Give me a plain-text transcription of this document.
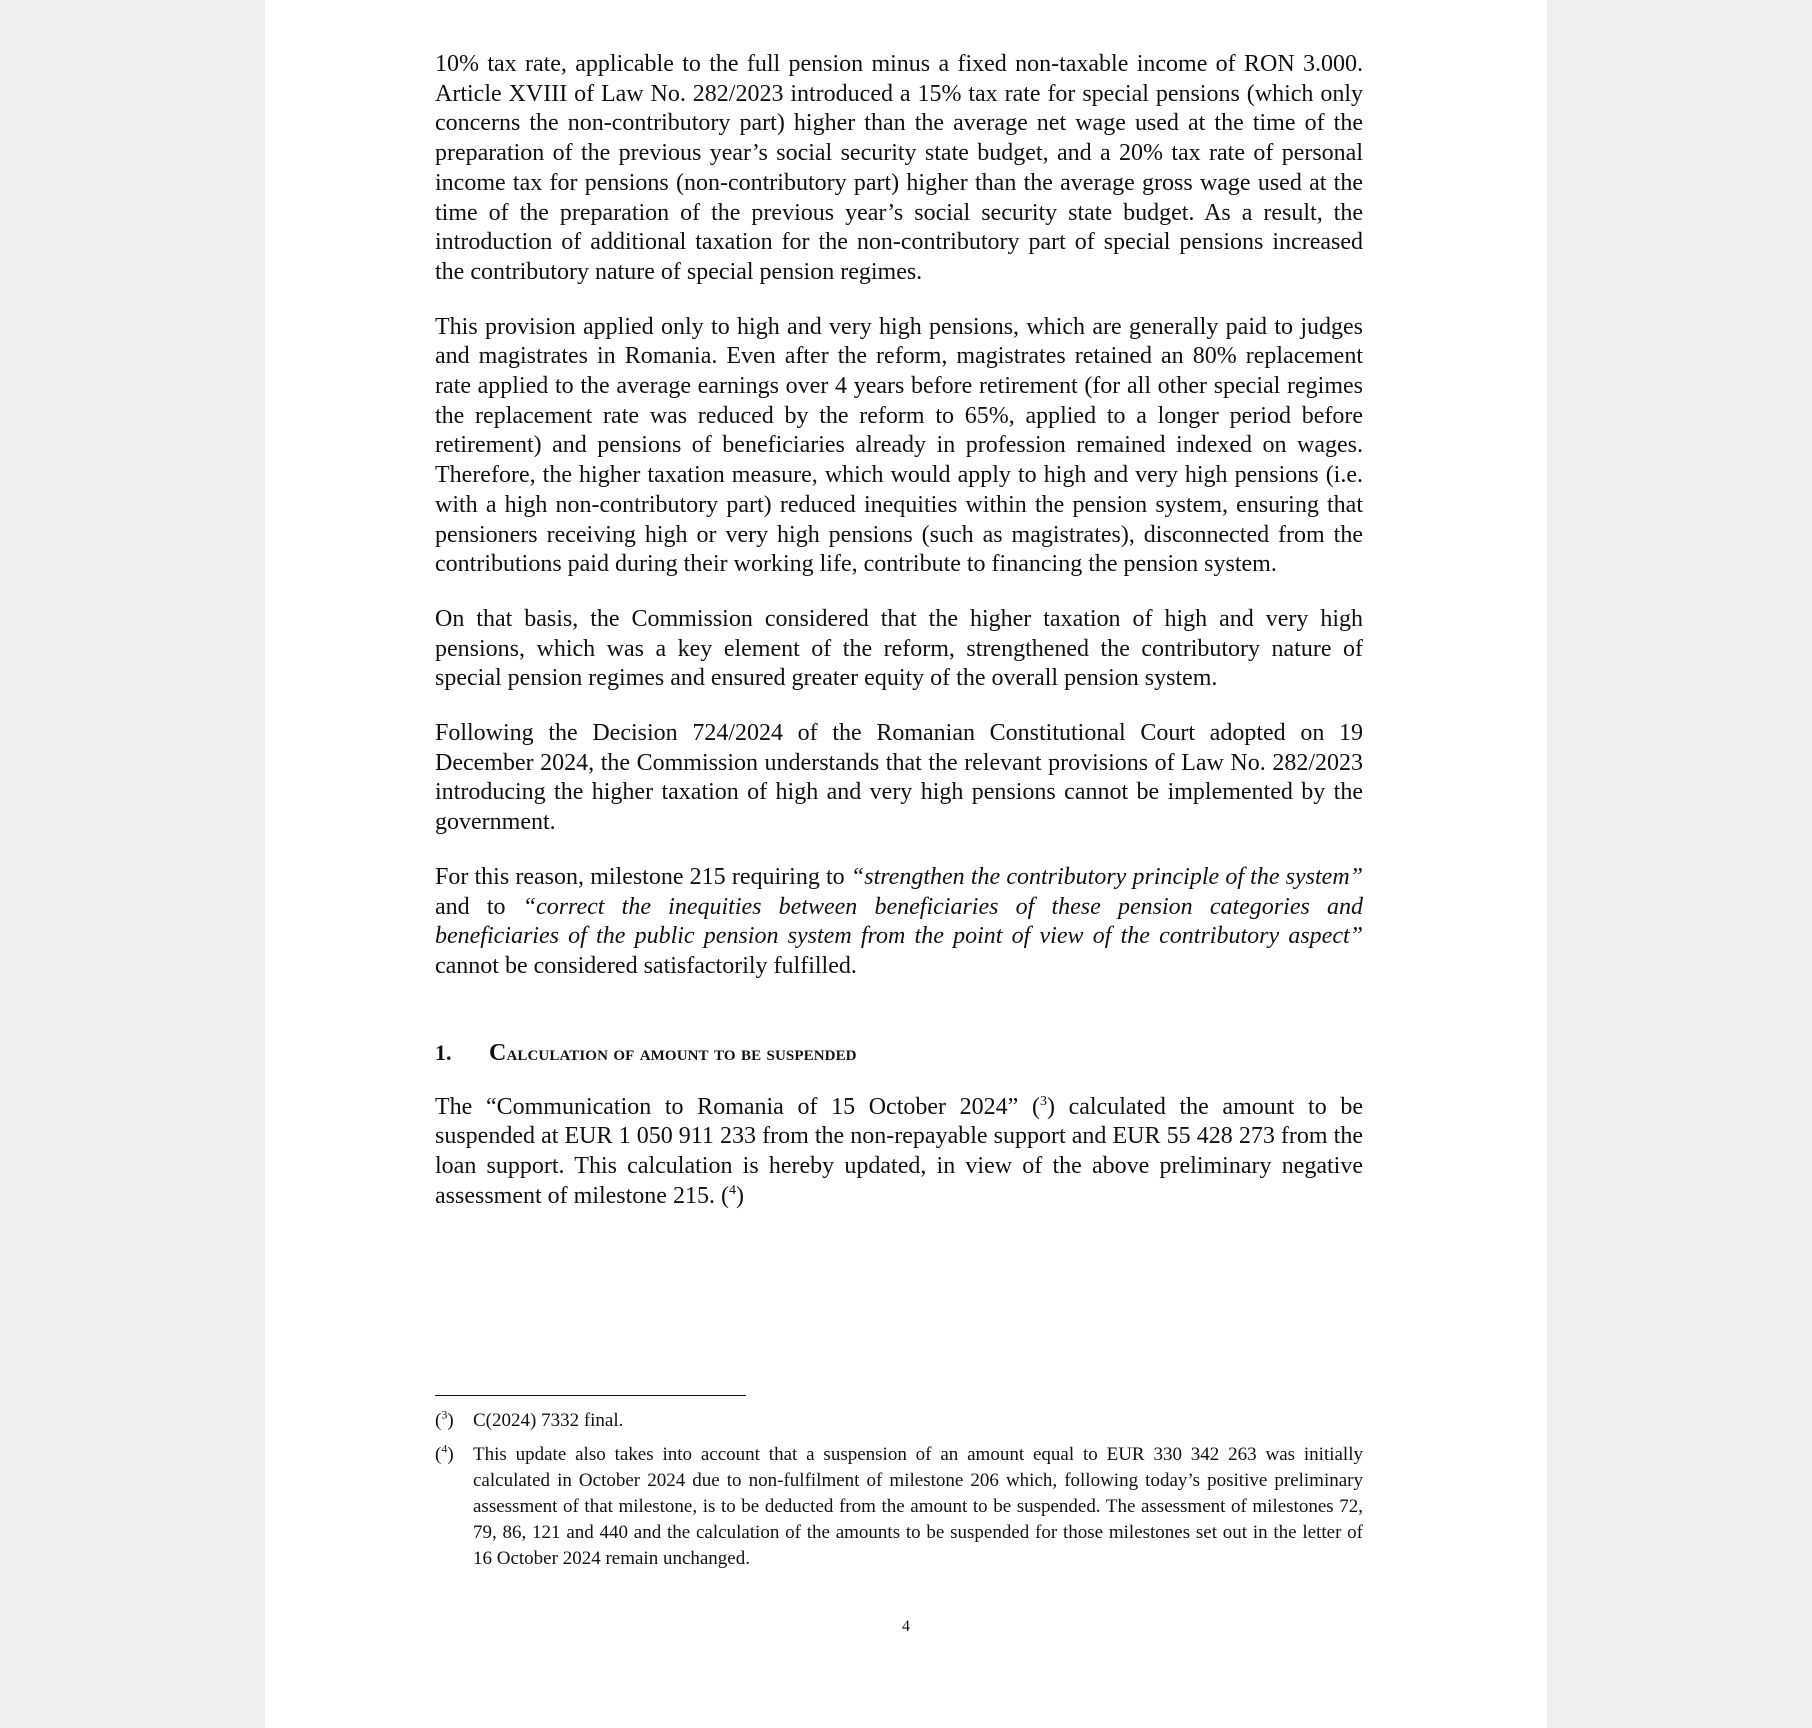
10% tax rate, applicable to the full pension minus a fixed non-taxable income of RON 3.000. Article XVIII of Law No. 282/2023 introduced a 15% tax rate for special pensions (which only concerns the non-contributory part) higher than the average net wage used at the time of the preparation of the previous year’s social security state budget, and a 20% tax rate of personal income tax for pensions (non-contributory part) higher than the average gross wage used at the time of the preparation of the previous year’s social security state budget. As a result, the introduction of additional taxation for the non-contributory part of special pensions increased the contributory nature of special pension regimes.

This provision applied only to high and very high pensions, which are generally paid to judges and magistrates in Romania. Even after the reform, magistrates retained an 80% replacement rate applied to the average earnings over 4 years before retirement (for all other special regimes the replacement rate was reduced by the reform to 65%, applied to a longer period before retirement) and pensions of beneficiaries already in profession remained indexed on wages. Therefore, the higher taxation measure, which would apply to high and very high pensions (i.e. with a high non-contributory part) reduced inequities within the pension system, ensuring that pensioners receiving high or very high pensions (such as magistrates), disconnected from the contributions paid during their working life, contribute to financing the pension system.

On that basis, the Commission considered that the higher taxation of high and very high pensions, which was a key element of the reform, strengthened the contributory nature of special pension regimes and ensured greater equity of the overall pension system.

Following the Decision 724/2024 of the Romanian Constitutional Court adopted on 19 December 2024, the Commission understands that the relevant provisions of Law No. 282/2023 introducing the higher taxation of high and very high pensions cannot be implemented by the government.

For this reason, milestone 215 requiring to “strengthen the contributory principle of the system” and to “correct the inequities between beneficiaries of these pension categories and beneficiaries of the public pension system from the point of view of the contributory aspect” cannot be considered satisfactorily fulfilled.

1.	Calculation of amount to be suspended

The “Communication to Romania of 15 October 2024” ($^3$) calculated the amount to be suspended at EUR 1 050 911 233 from the non-repayable support and EUR 55 428 273 from the loan support. This calculation is hereby updated, in view of the above preliminary negative assessment of milestone 215. ($^4$)

($^3$)	C(2024) 7332 final.
($^4$)	This update also takes into account that a suspension of an amount equal to EUR 330 342 263 was initially calculated in October 2024 due to non-fulfilment of milestone 206 which, following today’s positive preliminary assessment of that milestone, is to be deducted from the amount to be suspended. The assessment of milestones 72, 79, 86, 121 and 440 and the calculation of the amounts to be suspended for those milestones set out in the letter of 16 October 2024 remain unchanged.
4
